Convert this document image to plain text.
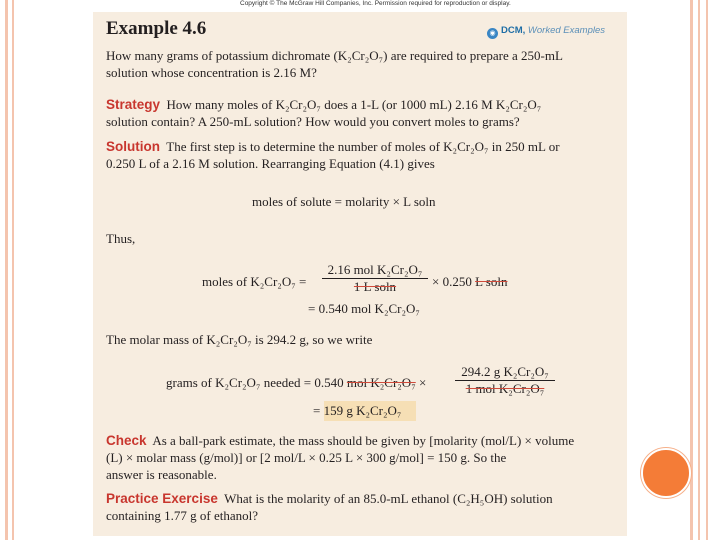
Copyright © The McGraw Hill Companies, Inc. Permission required for reproduction or display.
Example 4.6	◉ DCM, Worked Examples
How many grams of potassium dichromate (K₂Cr₂O₇) are required to prepare a 250-mL
solution whose concentration is 2.16 M?
Strategy How many moles of K₂Cr₂O₇ does a 1-L (or 1000 mL) 2.16 M K₂Cr₂O₇
solution contain? A 250-mL solution? How would you convert moles to grams?
Solution The first step is to determine the number of moles of K₂Cr₂O₇ in 250 mL or
0.250 L of a 2.16 M solution. Rearranging Equation (4.1) gives
moles of solute = molarity × L soln
Thus,
moles of K₂Cr₂O₇ =
2.16 mol K₂Cr₂O₇
1 L soln	× 0.250 L soln
= 0.540 mol K₂Cr₂O₇
The molar mass of K₂Cr₂O₇ is 294.2 g, so we write
grams of K₂Cr₂O₇ needed = 0.540 mol K₂Cr₂O₇ ×
294.2 g K₂Cr₂O₇
1 mol K₂Cr₂O₇
= 159 g K₂Cr₂O₇
Check As a ball-park estimate, the mass should be given by [molarity (mol/L) × volume
(L) × molar mass (g/mol)] or [2 mol/L × 0.25 L × 300 g/mol] = 150 g. So the
answer is reasonable.
Practice Exercise What is the molarity of an 85.0-mL ethanol (C₂H₅OH) solution
containing 1.77 g of ethanol?
